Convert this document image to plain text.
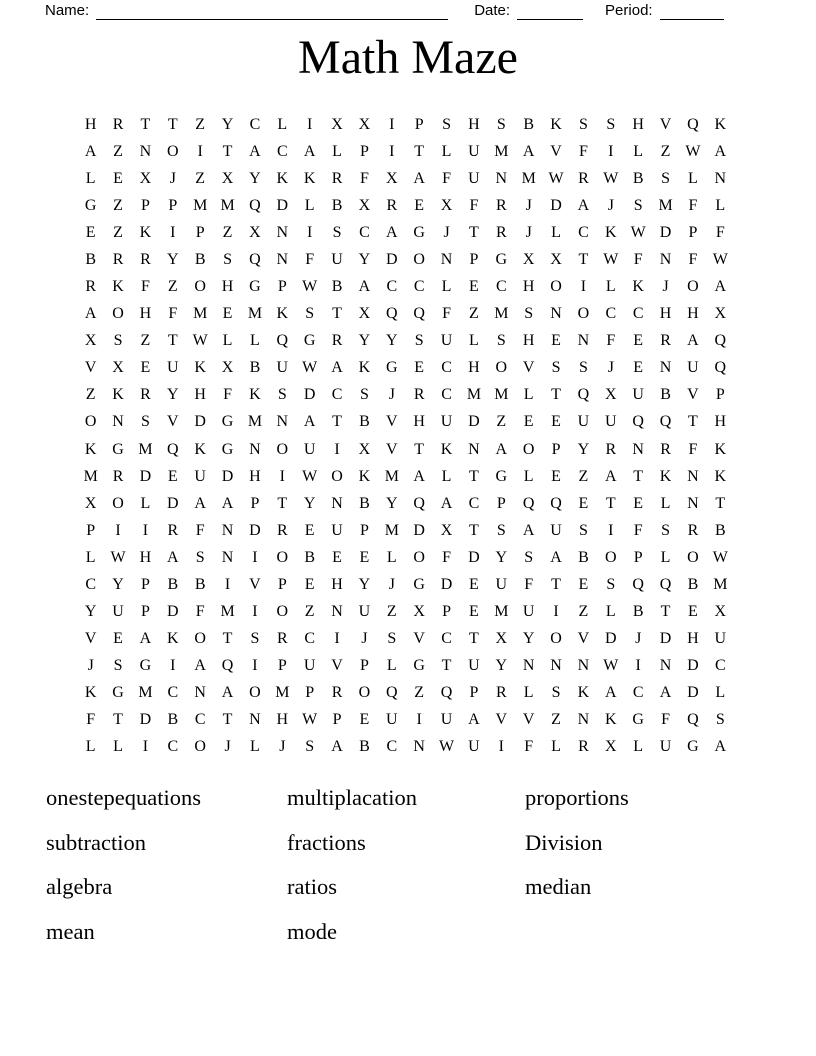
Name:	Date:	Period:
Math Maze
H	R	T	T	Z	Y	C	L	I	X X	I	P	S	H	S	B	K	S	S	H V Q K
A	Z	N O	I	T	A	C	A	L	P	I	T	L	U M A V	F	I	L	Z W A
L	E	X	J	Z	X Y K K	R	F	X A	F	U N M W R W B	S	L	N
G	Z	P	P M M Q D	L	B	X	R	E	X	F	R	J	D A	J	S M F	L
E	Z	K	I	P	Z	X N	I	S	C	A G	J	T	R	J	L	C	K W D	P	F
B	R	R	Y	B	S	Q N	F	U Y D O N	P	G X X	T W F	N	F W
R	K	F	Z	O H G	P W B	A	C	C	L	E	C	H O	I	L	K	J	O A
A O H	F M E M K	S	T	X Q Q	F	Z M S	N O	C	C	H H X
X	S	Z	T W L	L	Q G	R	Y Y	S	U	L	S	H	E	N	F	E	R	A Q
V X	E	U K X	B	U W A K G	E	C	H O V	S	S	J	E	N U Q
Z	K	R	Y H	F	K	S	D	C	S	J	R	C M M L	T	Q X U	B	V	P
O N	S	V D G M N A	T	B	V H U D	Z	E	E	U U Q Q	T	H
K G M Q K G N O U	I	X V	T	K N A O	P	Y	R	N	R	F	K
M R	D	E	U D H	I	W O K M A	L	T	G	L	E	Z	A	T	K N K
X O	L	D A A	P	T	Y N	B	Y Q A	C	P	Q Q	E	T	E	L	N	T
P	I	I	R	F	N D	R	E	U	P M D X	T	S	A U	S	I	F	S	R	B
L W H A	S	N	I	O	B	E	E	L	O	F	D Y	S	A	B	O	P	L	O W
C	Y	P	B	B	I	V	P	E	H Y	J	G D	E	U	F	T	E	S	Q Q	B M
Y U	P	D	F M	I	O	Z	N U	Z	X	P	E M U	I	Z	L	B	T	E	X
V	E	A K O	T	S	R	C	I	J	S	V	C	T	X Y O V D	J	D H U
J	S	G	I	A Q	I	P	U V	P	L	G	T	U Y N N N W	I	N D	C
K G M C	N A O M P	R	O Q	Z	Q	P	R	L	S	K A	C	A D	L
F	T	D	B	C	T	N H W P	E	U	I	U A V V	Z	N K G	F	Q	S
L	L	I	C	O	J	L	J	S	A	B	C	N W U	I	F	L	R	X	L	U G A
onestepequations	multiplacation	proportions
subtraction	fractions	Division
algebra	ratios	median
mean	mode
